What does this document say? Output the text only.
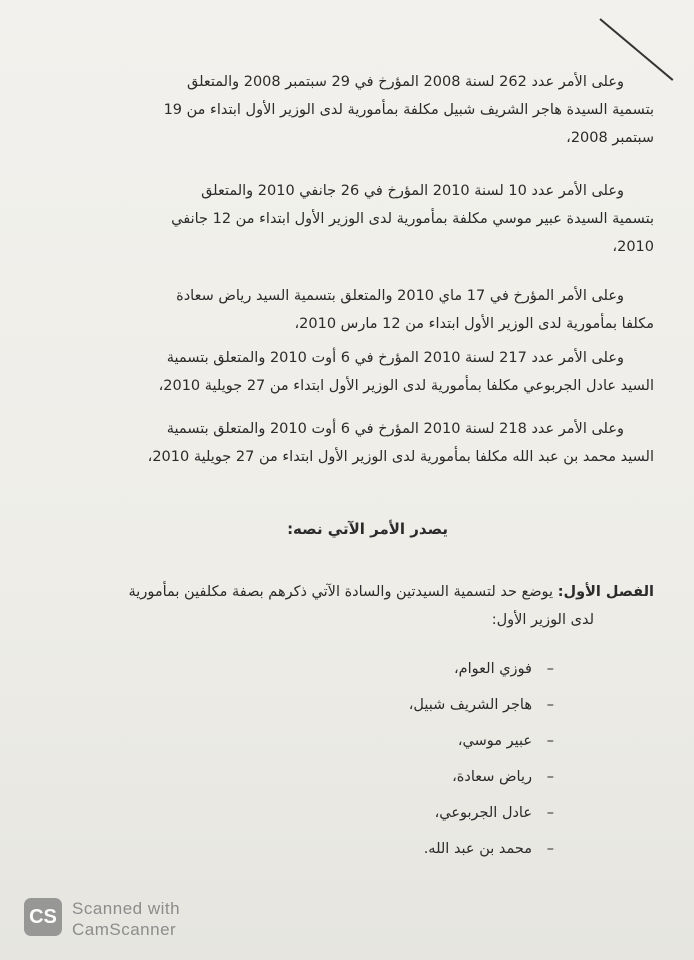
وعلى الأمر عدد 262 لسنة 2008 المؤرخ في 29 سبتمبر 2008 والمتعلق
بتسمية السيدة هاجر الشريف شبيل مكلفة بمأمورية لدى الوزير الأول ابتداء من 19
سبتمبر 2008،
وعلى الأمر عدد 10 لسنة 2010 المؤرخ في 26 جانفي 2010 والمتعلق
بتسمية السيدة عبير موسي مكلفة بمأمورية لدى الوزير الأول ابتداء من 12 جانفي
2010،
وعلى الأمر المؤرخ في 17 ماي 2010 والمتعلق بتسمية السيد رياض سعادة
مكلفا بمأمورية لدى الوزير الأول ابتداء من 12 مارس 2010،
وعلى الأمر عدد 217 لسنة 2010 المؤرخ في 6 أوت 2010 والمتعلق بتسمية
السيد عادل الجربوعي مكلفا بمأمورية لدى الوزير الأول ابتداء من 27 جويلية 2010،
وعلى الأمر عدد 218 لسنة 2010 المؤرخ في 6 أوت 2010 والمتعلق بتسمية
السيد محمد بن عبد الله مكلفا بمأمورية لدى الوزير الأول ابتداء من 27 جويلية 2010،
يصدر الأمر الآتي نصه:
الفصل الأول: يوضع حد لتسمية السيدتين والسادة الآتي ذكرهم بصفة مكلفين بمأمورية
لدى الوزير الأول:
–فوزي العوام،
–هاجر الشريف شبيل،
–عبير موسي،
–رياض سعادة،
–عادل الجربوعي،
–محمد بن عبد الله.
CS Scanned with
CamScanner
